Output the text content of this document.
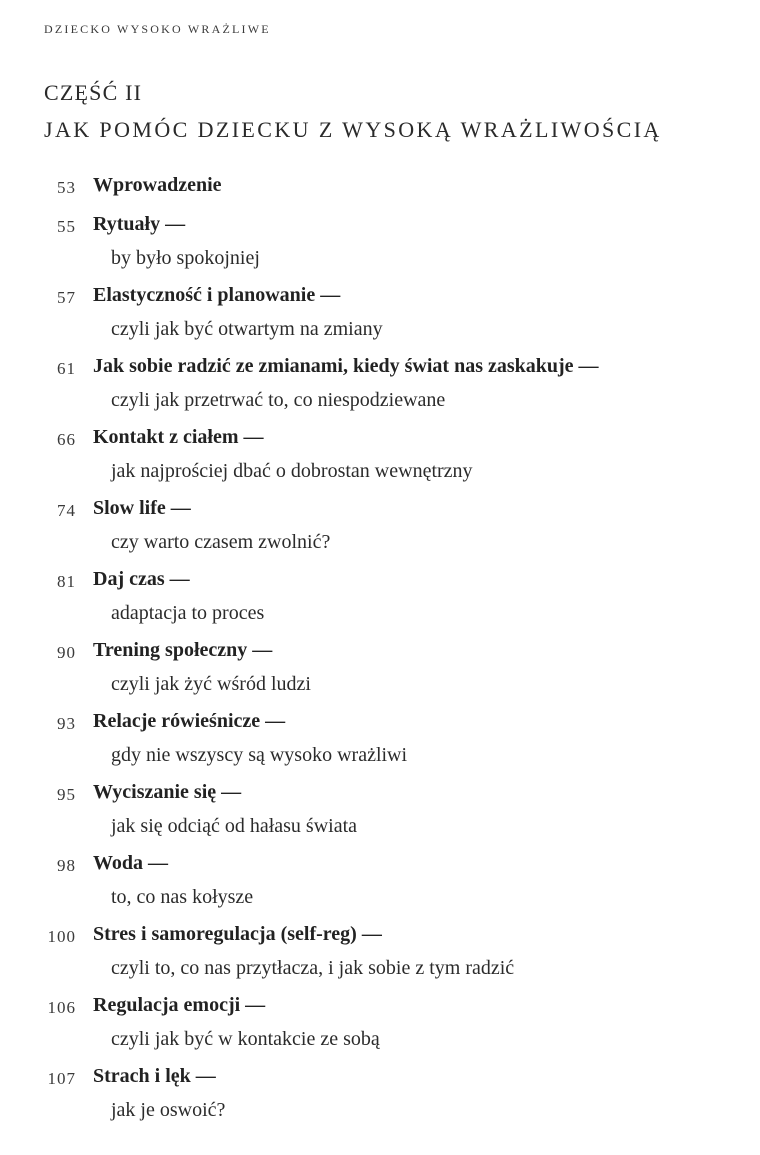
DZIECKO WYSOKO WRAŻLIWE
CZĘŚĆ II
JAK POMÓC DZIECKU Z WYSOKĄ WRAŻLIWOŚCIĄ
53 Wprowadzenie
55 Rytuały —
by było spokojniej
57 Elastyczność i planowanie —
czyli jak być otwartym na zmiany
61 Jak sobie radzić ze zmianami, kiedy świat nas zaskakuje —
czyli jak przetrwać to, co niespodziewane
66 Kontakt z ciałem —
jak najprościej dbać o dobrostan wewnętrzny
74 Slow life —
czy warto czasem zwolnić?
81 Daj czas —
adaptacja to proces
90 Trening społeczny —
czyli jak żyć wśród ludzi
93 Relacje rówieśnicze —
gdy nie wszyscy są wysoko wrażliwi
95 Wyciszanie się —
jak się odciąć od hałasu świata
98 Woda —
to, co nas kołysze
100 Stres i samoregulacja (self-reg) —
czyli to, co nas przytłacza, i jak sobie z tym radzić
106 Regulacja emocji —
czyli jak być w kontakcie ze sobą
107 Strach i lęk —
jak je oswoić?
